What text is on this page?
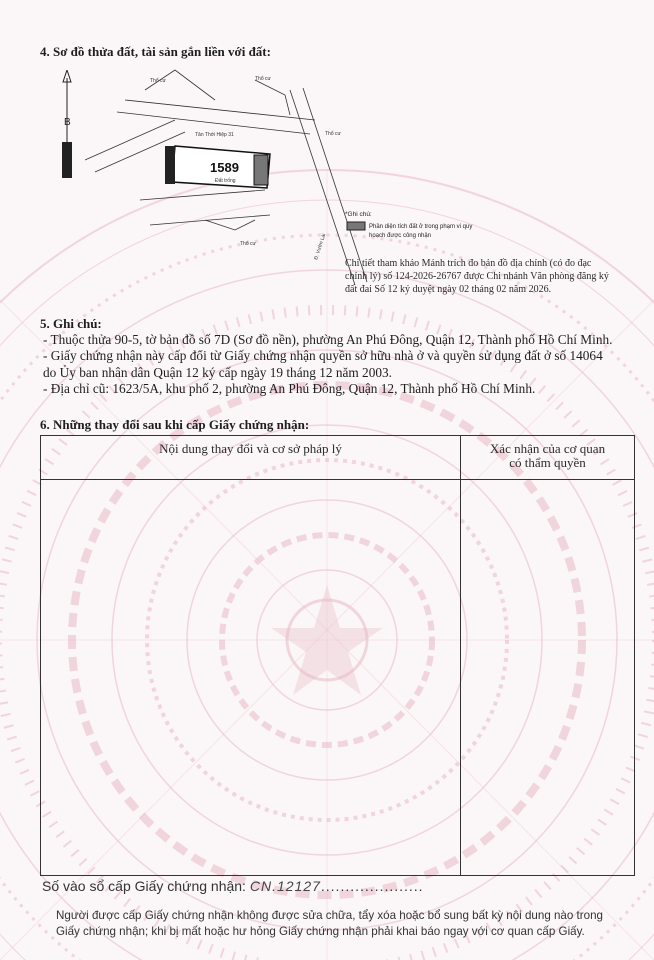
4. Sơ đồ thửa đất, tài sản gắn liền với đất:
B
1589
Đất trống
Thổ cư	Thổ cư
Thổ cư
Thổ cư
Tân Thới Hiệp 31
Đ. Vườn Lài
*Ghi chú:
Phần diện tích đất ở trong phạm vi quy
hoạch được công nhận
Chi tiết tham khảo Mảnh trích đo bản đồ địa chính (có đo đạc chỉnh lý) số 124-2026-26767 được Chi nhánh Văn phòng đăng ký đất đai Số 12 ký duyệt ngày 02 tháng 02 năm 2026.
5. Ghi chú:

- Thuộc thửa 90-5, tờ bản đồ số 7D (Sơ đồ nền), phường An Phú Đông, Quận 12, Thành phố Hồ Chí Minh.

- Giấy chứng nhận này cấp đổi từ Giấy chứng nhận quyền sở hữu nhà ở và quyền sử dụng đất ở số 14064 do Ủy ban nhân dân Quận 12 ký cấp ngày 19 tháng 12 năm 2003.

- Địa chỉ cũ: 1623/5A, khu phố 2, phường An Phú Đông, Quận 12, Thành phố Hồ Chí Minh.

6. Những thay đổi sau khi cấp Giấy chứng nhận:
Nội dung thay đổi và cơ sở pháp lý	Xác nhận của cơ quan
có thẩm quyền

Số vào sổ cấp Giấy chứng nhận: CN.12127.....................
Người được cấp Giấy chứng nhận không được sửa chữa, tẩy xóa hoặc bổ sung bất kỳ nội dung nào trong
Giấy chứng nhận; khi bị mất hoặc hư hỏng Giấy chứng nhận phải khai báo ngay với cơ quan cấp Giấy.
